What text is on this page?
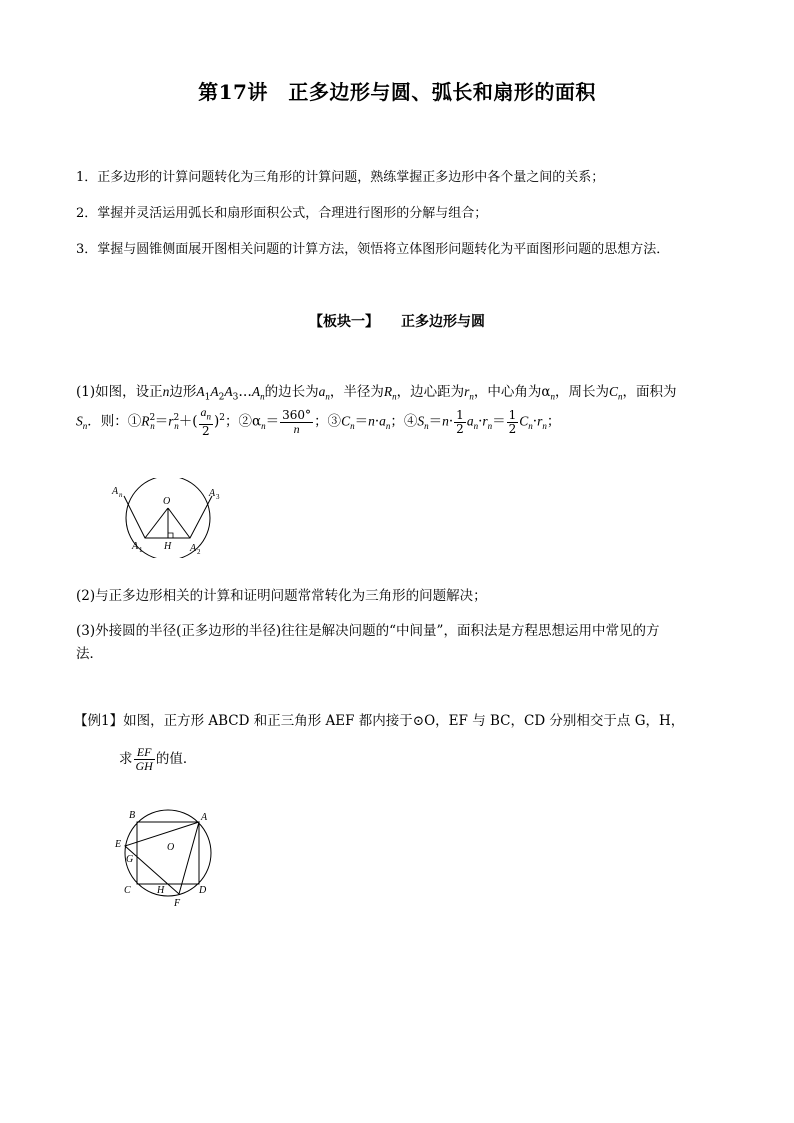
第17讲　正多边形与圆、弧长和扇形的面积
1．正多边形的计算问题转化为三角形的计算问题，熟练掌握正多边形中各个量之间的关系；
2．掌握并灵活运用弧长和扇形面积公式，合理进行图形的分解与组合；
3．掌握与圆锥侧面展开图相关问题的计算方法，领悟将立体图形问题转化为平面图形问题的思想方法．
【板块一】 正多边形与圆
(1)如图，设正n边形$A_1A_2A_3\dots A_n$的边长为$a_n$，半径为$R_n$，边心距为$r_n$，中心角为$\alpha_n$，周长为$C_n$，面积为
$S_n$．则：$①R^2_n=r^2_n+( \frac{a_n}{2} )^2$；$②\alpha_n= \frac{360^\circ}{n}$ ；$③C_n=n\cdot a_n$；$④S_n=n\cdot \frac{1}{2} a_n\cdot r_n= \frac{1}{2} C_n\cdot r_n$；
A n	A 3
O
A 1 H A 2
(2)与正多边形相关的计算和证明问题常常转化为三角形的问题解决；
(3)外接圆的半径(正多边形的半径)往往是解决问题的“中间量”，面积法是方程思想运用中常见的方
法．
【例1】如图，正方形 ABCD 和正三角形 AEF 都内接于⊙O，EF 与 BC，CD 分别相交于点 G，H，
求 $\frac{EF}{GH}$ 的值．
B	A
E
G
O
C	H	D
F
